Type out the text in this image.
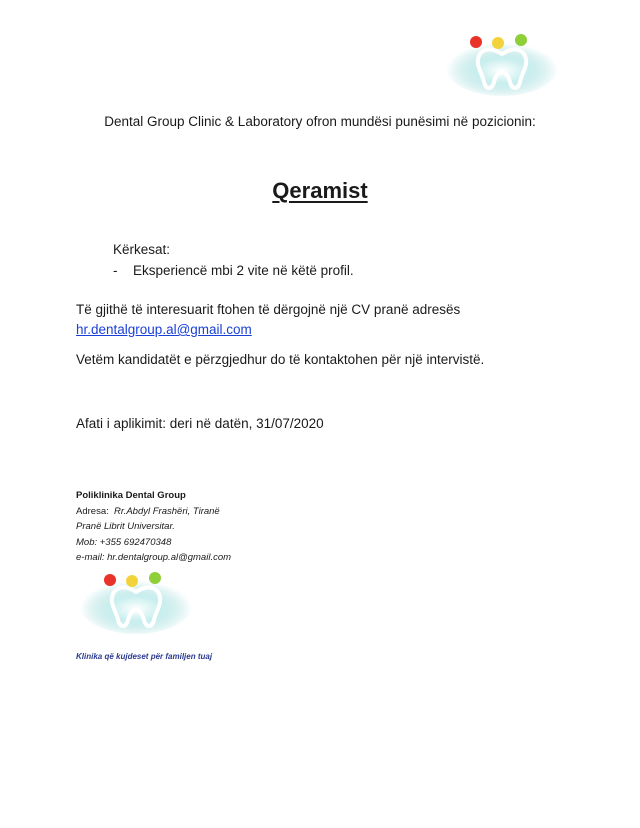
Dental Group Clinic & Laboratory ofron mundësi punësimi në pozicionin:
Qeramist
Kërkesat:
- Eksperiencë mbi 2 vite në këtë profil.
Të gjithë të interesuarit ftohen të dërgojnë një CV pranë adresës
hr.dentalgroup.al@gmail.com
Vetëm kandidatët e përzgjedhur do të kontaktohen për një intervistë.
Afati i aplikimit: deri në datën, 31/07/2020
Poliklinika Dental Group
Adresa: Rr.Abdyl Frashëri, Tiranë
Pranë Librit Universitar.
Mob: +355 692470348
e-mail: hr.dentalgroup.al@gmail.com
Klinika që kujdeset për familjen tuaj
